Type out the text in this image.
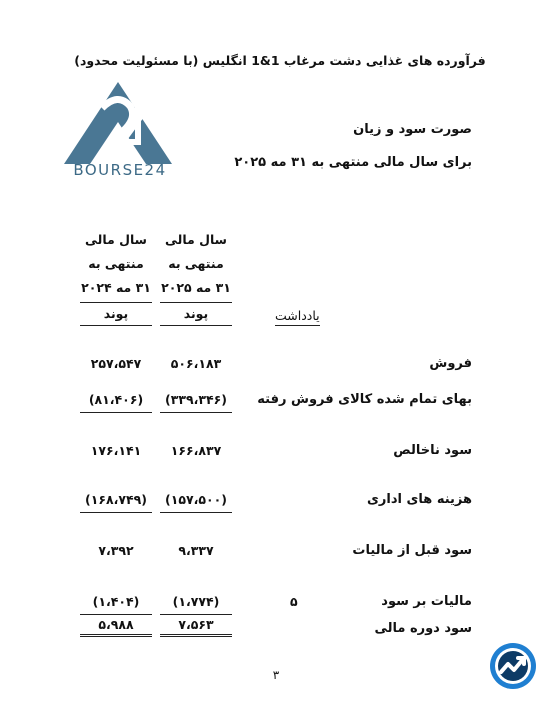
فرآورده های غذایی دشت مرغاب 1&1 انگلیس (با مسئولیت محدود)
BOURSE24
صورت سود و زیان
برای سال مالی منتهی به ۳۱ مه ۲۰۲۵
سال مالی
منتهی به
۳۱ مه ۲۰۲۵
سال مالی
منتهی به
۳۱ مه ۲۰۲۴
پوند
پوند	یادداشت
فروش
۵۰۶،۱۸۳
۲۵۷،۵۴۷
بهای تمام شده کالای فروش رفته
(۳۳۹،۳۴۶)
(۸۱،۴۰۶)
سود ناخالص
۱۶۶،۸۳۷
۱۷۶،۱۴۱
هزینه های اداری
(۱۵۷،۵۰۰)
(۱۶۸،۷۴۹)
سود قبل از مالیات
۹،۳۳۷
۷،۳۹۲
مالیات بر سود
۵
(۱،۷۷۴)
(۱،۴۰۴)
سود دوره مالی
۷،۵۶۳
۵،۹۸۸
۳
